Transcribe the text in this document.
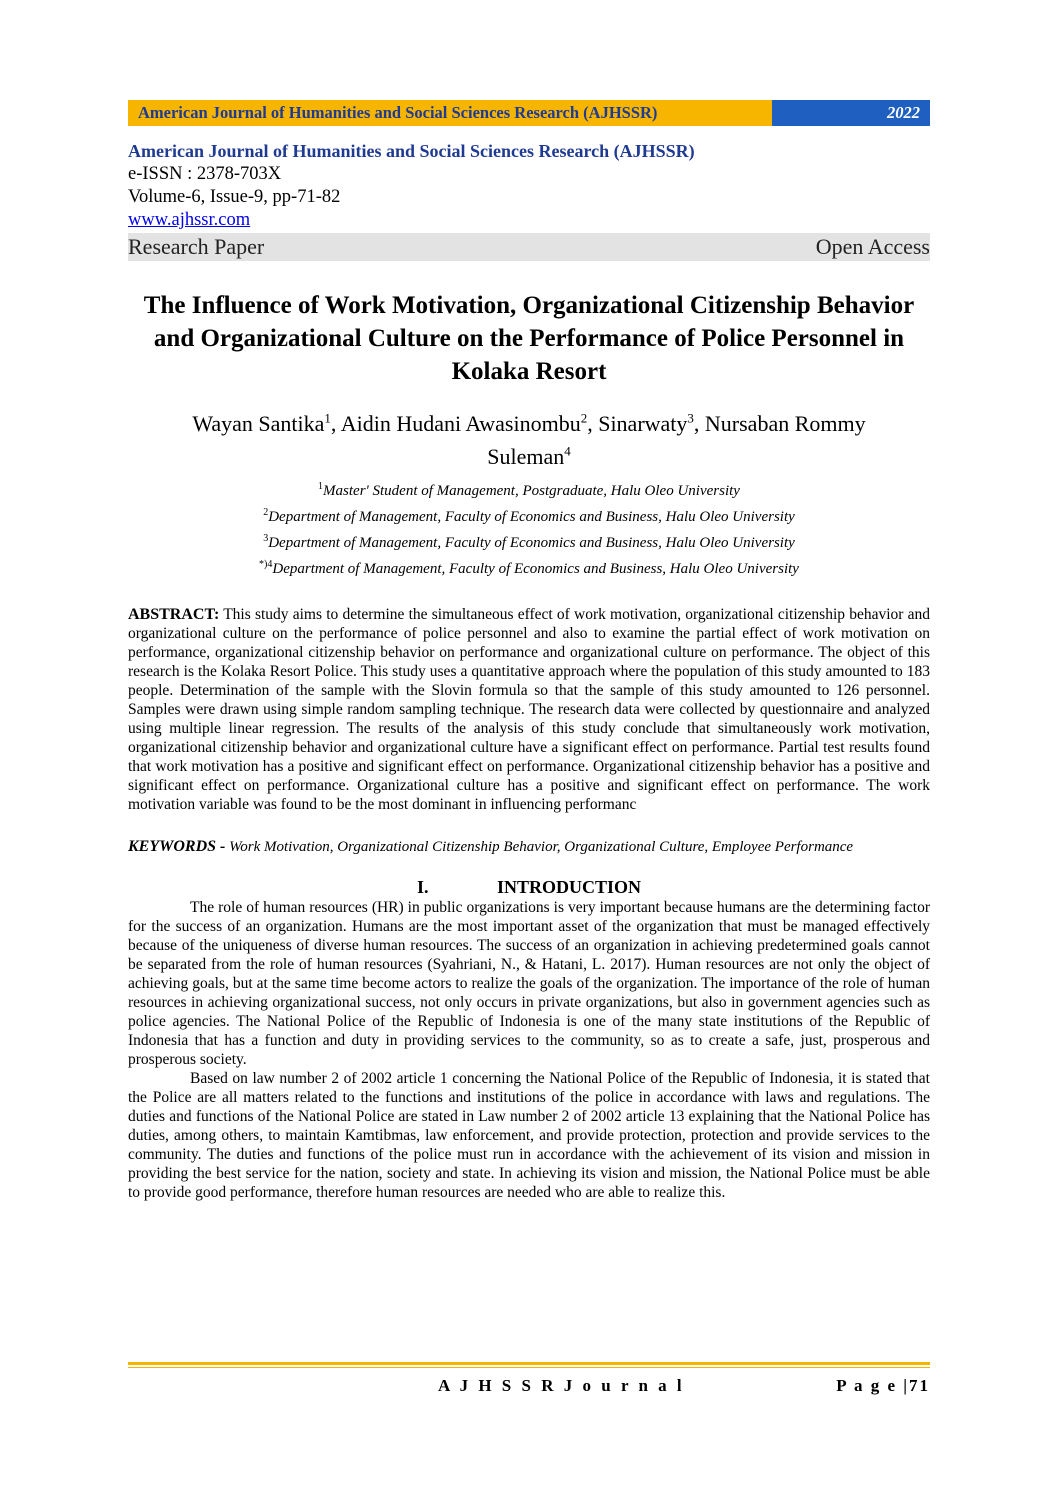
American Journal of Humanities and Social Sciences Research (AJHSSR)	2022
American Journal of Humanities and Social Sciences Research (AJHSSR)
e-ISSN : 2378-703X
Volume-6, Issue-9, pp-71-82
www.ajhssr.com
Research Paper	Open Access
The Influence of Work Motivation, Organizational Citizenship Behavior and Organizational Culture on the Performance of Police Personnel in Kolaka Resort
Wayan Santika$^1$, Aidin Hudani Awasinombu$^2$, Sinarwaty$^3$, Nursaban Rommy Suleman$^4$
$^1$Master' Student of Management, Postgraduate, Halu Oleo University
$^2$Department of Management, Faculty of Economics and Business, Halu Oleo University
$^3$Department of Management, Faculty of Economics and Business, Halu Oleo University
$^{*)4}$Department of Management, Faculty of Economics and Business, Halu Oleo University
ABSTRACT: This study aims to determine the simultaneous effect of work motivation, organizational citizenship behavior and organizational culture on the performance of police personnel and also to examine the partial effect of work motivation on performance, organizational citizenship behavior on performance and organizational culture on performance. The object of this research is the Kolaka Resort Police. This study uses a quantitative approach where the population of this study amounted to 183 people. Determination of the sample with the Slovin formula so that the sample of this study amounted to 126 personnel. Samples were drawn using simple random sampling technique. The research data were collected by questionnaire and analyzed using multiple linear regression. The results of the analysis of this study conclude that simultaneously work motivation, organizational citizenship behavior and organizational culture have a significant effect on performance. Partial test results found that work motivation has a positive and significant effect on performance. Organizational citizenship behavior has a positive and significant effect on performance. Organizational culture has a positive and significant effect on performance. The work motivation variable was found to be the most dominant in influencing performanc
KEYWORDS - Work Motivation, Organizational Citizenship Behavior, Organizational Culture, Employee Performance
I.	INTRODUCTION

The role of human resources (HR) in public organizations is very important because humans are the determining factor for the success of an organization. Humans are the most important asset of the organization that must be managed effectively because of the uniqueness of diverse human resources. The success of an organization in achieving predetermined goals cannot be separated from the role of human resources (Syahriani, N., & Hatani, L. 2017). Human resources are not only the object of achieving goals, but at the same time become actors to realize the goals of the organization. The importance of the role of human resources in achieving organizational success, not only occurs in private organizations, but also in government agencies such as police agencies. The National Police of the Republic of Indonesia is one of the many state institutions of the Republic of Indonesia that has a function and duty in providing services to the community, so as to create a safe, just, prosperous and prosperous society.

Based on law number 2 of 2002 article 1 concerning the National Police of the Republic of Indonesia, it is stated that the Police are all matters related to the functions and institutions of the police in accordance with laws and regulations. The duties and functions of the National Police are stated in Law number 2 of 2002 article 13 explaining that the National Police has duties, among others, to maintain Kamtibmas, law enforcement, and provide protection, protection and provide services to the community. The duties and functions of the police must run in accordance with the achievement of its vision and mission in providing the best service for the nation, society and state. In achieving its vision and mission, the National Police must be able to provide good performance, therefore human resources are needed who are able to realize this.

A J H S S R J o u r n a l	P a g e |71
